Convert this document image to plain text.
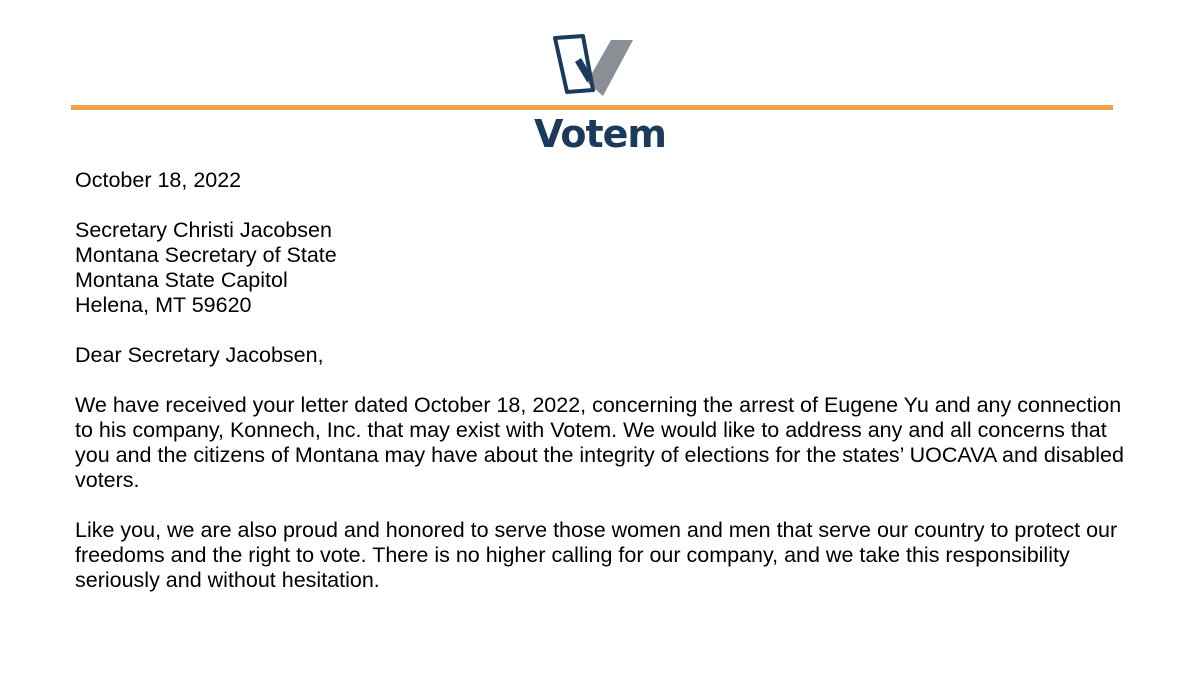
Votem

October 18, 2022

Secretary Christi Jacobsen
Montana Secretary of State
Montana State Capitol
Helena, MT 59620

Dear Secretary Jacobsen,

We have received your letter dated October 18, 2022, concerning the arrest of Eugene Yu and any connection to his company, Konnech, Inc. that may exist with Votem. We would like to address any and all concerns that you and the citizens of Montana may have about the integrity of elections for the states’ UOCAVA and disabled voters.

Like you, we are also proud and honored to serve those women and men that serve our country to protect our freedoms and the right to vote. There is no higher calling for our company, and we take this responsibility seriously and without hesitation.
